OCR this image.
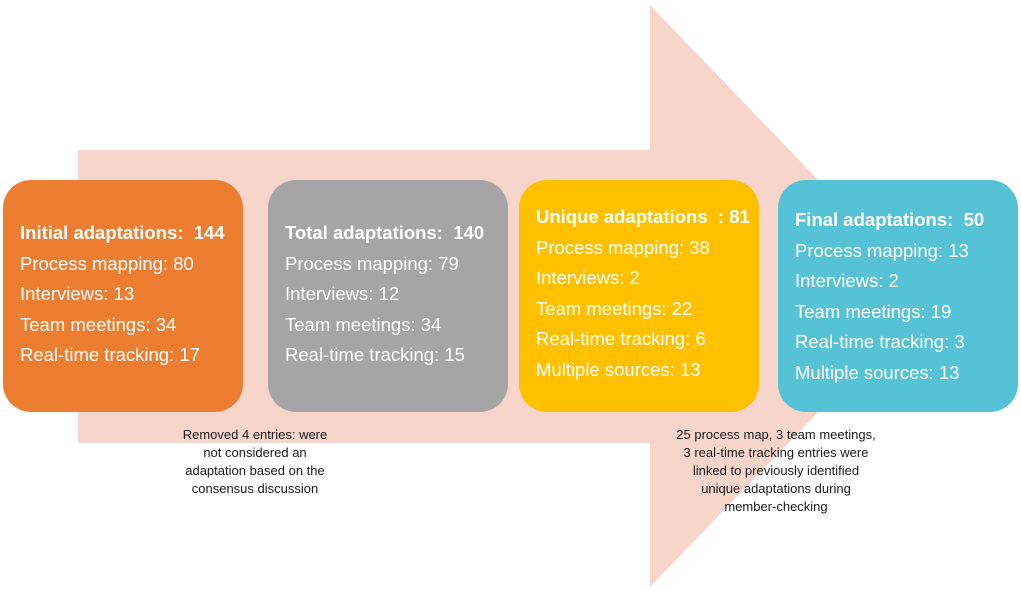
Initial adaptations:  144
Process mapping: 80
Interviews: 13
Team meetings: 34
Real-time tracking: 17
Total adaptations:  140
Process mapping: 79
Interviews: 12
Team meetings: 34
Real-time tracking: 15
Unique adaptations  : 81
Process mapping: 38
Interviews: 2
Team meetings: 22
Real-time tracking: 6
Multiple sources: 13
Final adaptations:  50
Process mapping: 13
Interviews: 2
Team meetings: 19
Real-time tracking: 3
Multiple sources: 13
Removed 4 entries: were
not considered an
adaptation based on the
consensus discussion
25 process map, 3 team meetings,
3 real-time tracking entries were
linked to previously identified
unique adaptations during
member-checking
